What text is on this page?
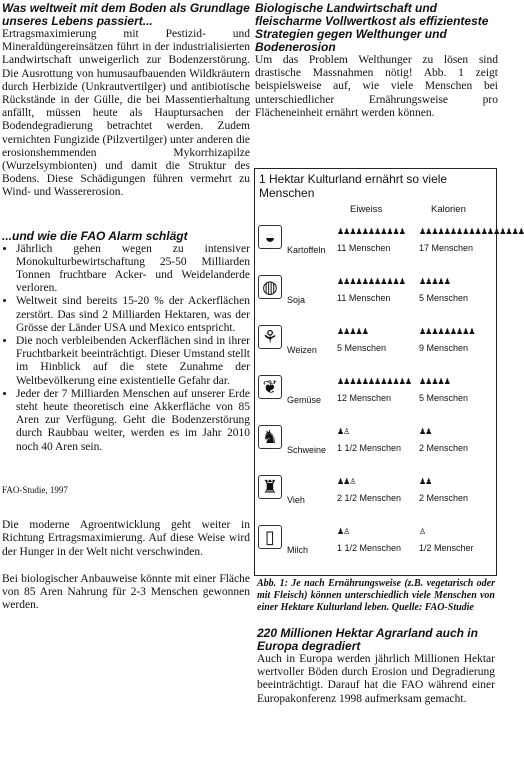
Was weltweit mit dem Boden als Grundlage unseres Lebens passiert...

Ertragsmaximierung mit Pestizid- und Mineraldüngereinsätzen führt in der industrialisierten Landwirtschaft unweigerlich zur Bodenzerstörung. Die Ausrottung von humusaufbauenden Wildkräutern durch Herbizide (Unkrautvertilger) und antibiotische Rückstände in der Gülle, die bei Massentierhaltung anfällt, müssen heute als Hauptursachen der Bodendegradierung betrachtet werden. Zudem vernichten Fungizide (Pilzvertilger) unter anderen die erosionshemmenden Mykorrhizapilze (Wurzelsymbionten) und damit die Struktur des Bodens. Diese Schädigungen führen vermehrt zu Wind- und Wassererosion.

...und wie die FAO Alarm schlägt

• Jährlich gehen wegen zu intensiver Monokulturbewirtschaftung 25-50 Milliarden Tonnen fruchtbare Acker- und Weidelanderde verloren.
• Weltweit sind bereits 15-20 % der Ackerflächen zerstört. Das sind 2 Milliarden Hektaren, was der Grösse der Länder USA und Mexico entspricht.
• Die noch verbleibenden Ackerflächen sind in ihrer Fruchtbarkeit beeinträchtigt. Dieser Umstand stellt im Hinblick auf die stete Zunahme der Weltbevölkerung eine existentielle Gefahr dar.
• Jeder der 7 Milliarden Menschen auf unserer Erde steht heute theoretisch eine Akkerfläche von 85 Aren zur Verfügung. Geht die Bodenzerstörung durch Raubbau weiter, werden es im Jahr 2010 noch 40 Aren sein.

FAO-Studie, 1997

Die moderne Agroentwicklung geht weiter in Richtung Ertragsmaximierung. Auf diese Weise wird der Hunger in der Welt nicht verschwinden.

Bei biologischer Anbauweise könnte mit einer Fläche von 85 Aren Nahrung für 2-3 Menschen gewonnen werden.

Biologische Landwirtschaft und fleischarme Vollwertkost als effizienteste Strategien gegen Welthunger und Bodenerosion

Um das Problem Welthunger zu lösen sind drastische Massnahmen nötig! Abb. 1 zeigt beispielsweise auf, wie viele Menschen bei unterschiedlicher Ernährungsweise pro Flächeneinheit ernährt werden können.

1 Hektar Kulturland ernährt so viele Menschen
Eiweiss	Kalorien
◒
Kartoffeln
♟♟♟♟♟♟♟♟♟♟♟ ♟♟♟♟♟♟♟♟♟♟♟♟♟♟♟♟♟
11 Menschen	17 Menschen
◍
Soja
♟♟♟♟♟♟♟♟♟♟♟ ♟♟♟♟♟
11 Menschen	5 Menschen
⚘
Weizen
♟♟♟♟♟	♟♟♟♟♟♟♟♟♟
5 Menschen	9 Menschen
❦
Gemüse
♟♟♟♟♟♟♟♟♟♟♟♟ ♟♟♟♟♟
12 Menschen	5 Menschen
♞
Schweine
♟♙	♟♟
1 1/2 Menschen 2 Menschen
♜
Vieh
♟♟♙	♟♟
2 1/2 Menschen 2 Menschen
▯
Milch
♟♙	♙
1 1/2 Menschen 1/2 Menscher

Abb. 1: Je nach Ernährungsweise (z.B. vegetarisch oder mit Fleisch) können unterschiedlich viele Menschen von einer Hektare Kulturland leben. Quelle: FAO-Studie

220 Millionen Hektar Agrarland auch in Europa degradiert

Auch in Europa werden jährlich Millionen Hektar wertvoller Böden durch Erosion und Degradierung beeinträchtigt. Darauf hat die FAO während einer Europakonferenz 1998 aufmerksam gemacht.
